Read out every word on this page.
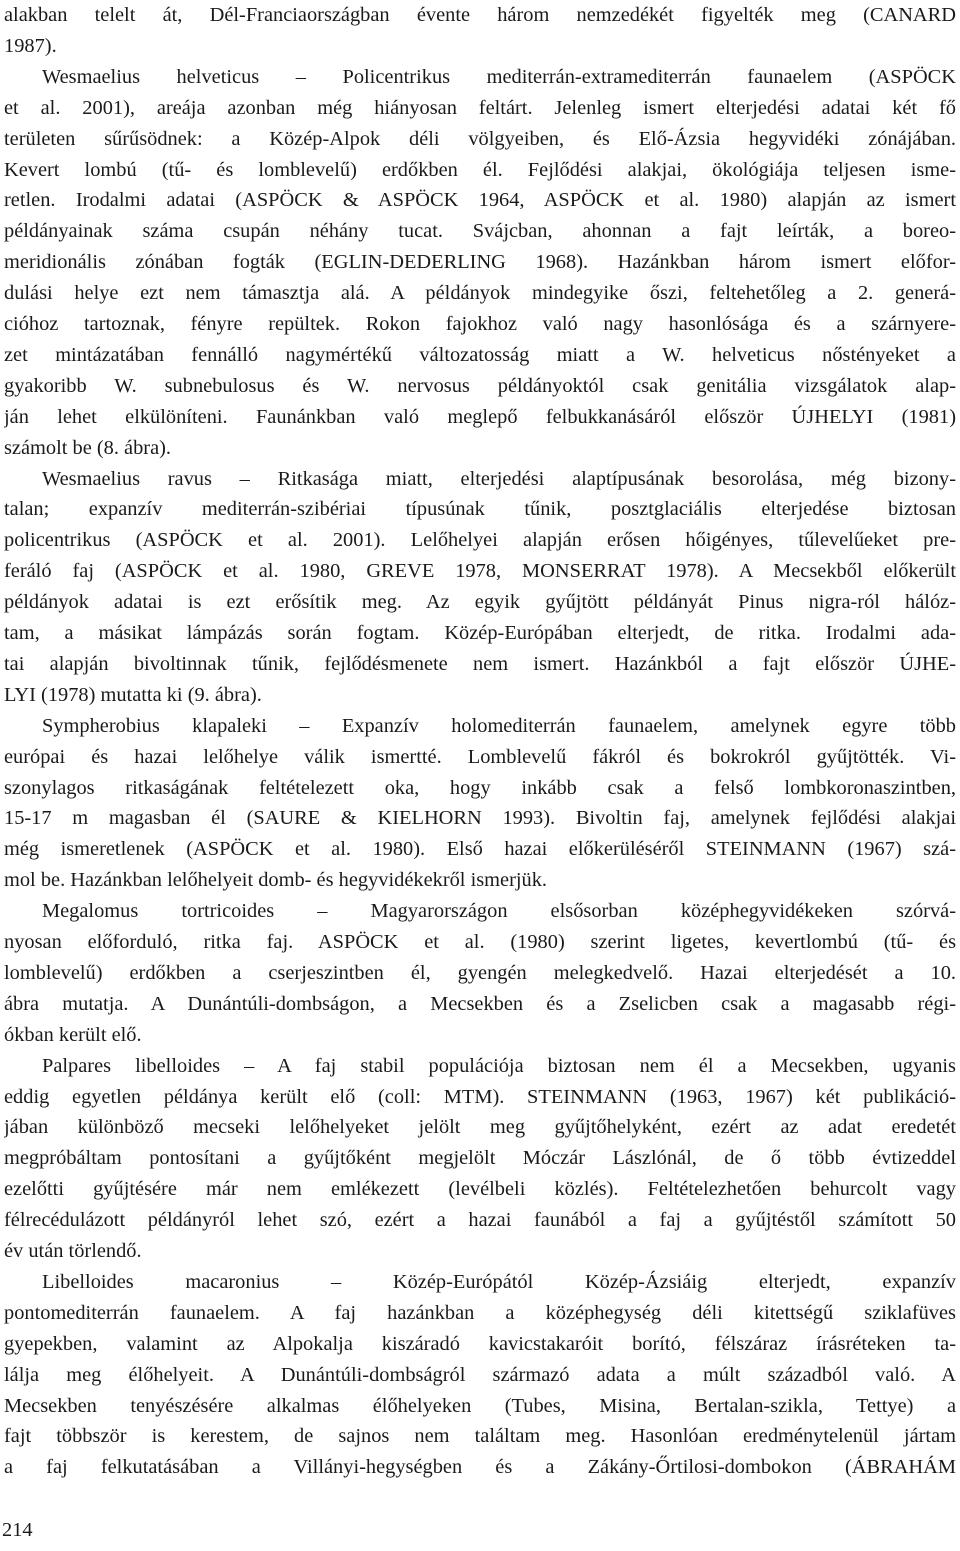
alakban telelt át, Dél-Franciaországban évente három nemzedékét figyelték meg (CANARD
1987).
Wesmaelius helveticus – Policentrikus mediterrán-extramediterrán faunaelem (ASPÖCK
et al. 2001), areája azonban még hiányosan feltárt. Jelenleg ismert elterjedési adatai két fő
területen sűrűsödnek: a Közép-Alpok déli völgyeiben, és Elő-Ázsia hegyvidéki zónájában.
Kevert lombú (tű- és lomblevelű) erdőkben él. Fejlődési alakjai, ökológiája teljesen isme-
retlen. Irodalmi adatai (ASPÖCK & ASPÖCK 1964, ASPÖCK et al. 1980) alapján az ismert
példányainak száma csupán néhány tucat. Svájcban, ahonnan a fajt leírták, a boreo-
meridionális zónában fogták (EGLIN-DEDERLING 1968). Hazánkban három ismert előfor-
dulási helye ezt nem támasztja alá. A példányok mindegyike őszi, feltehetőleg a 2. generá-
cióhoz tartoznak, fényre repültek. Rokon fajokhoz való nagy hasonlósága és a szárnyere-
zet mintázatában fennálló nagymértékű változatosság miatt a W. helveticus nőstényeket a
gyakoribb W. subnebulosus és W. nervosus példányoktól csak genitália vizsgálatok alap-
ján lehet elkülöníteni. Faunánkban való meglepő felbukkanásáról először ÚJHELYI (1981)
számolt be (8. ábra).
Wesmaelius ravus – Ritkasága miatt, elterjedési alaptípusának besorolása, még bizony-
talan; expanzív mediterrán-szibériai típusúnak tűnik, posztglaciális elterjedése biztosan
policentrikus (ASPÖCK et al. 2001). Lelőhelyei alapján erősen hőigényes, tűlevelűeket pre-
feráló faj (ASPÖCK et al. 1980, GREVE 1978, MONSERRAT 1978). A Mecsekből előkerült
példányok adatai is ezt erősítik meg. Az egyik gyűjtött példányát Pinus nigra-ról hálóz-
tam, a másikat lámpázás során fogtam. Közép-Európában elterjedt, de ritka. Irodalmi ada-
tai alapján bivoltinnak tűnik, fejlődésmenete nem ismert. Hazánkból a fajt először ÚJHE-
LYI (1978) mutatta ki (9. ábra).
Sympherobius klapaleki – Expanzív holomediterrán faunaelem, amelynek egyre több
európai és hazai lelőhelye válik ismertté. Lomblevelű fákról és bokrokról gyűjtötték. Vi-
szonylagos ritkaságának feltételezett oka, hogy inkább csak a felső lombkoronaszintben,
15-17 m magasban él (SAURE & KIELHORN 1993). Bivoltin faj, amelynek fejlődési alakjai
még ismeretlenek (ASPÖCK et al. 1980). Első hazai előkerüléséről STEINMANN (1967) szá-
mol be. Hazánkban lelőhelyeit domb- és hegyvidékekről ismerjük.
Megalomus tortricoides – Magyarországon elsősorban középhegyvidékeken szórvá-
nyosan előforduló, ritka faj. ASPÖCK et al. (1980) szerint ligetes, kevertlombú (tű- és
lomblevelű) erdőkben a cserjeszintben él, gyengén melegkedvelő. Hazai elterjedését a 10.
ábra mutatja. A Dunántúli-dombságon, a Mecsekben és a Zselicben csak a magasabb régi-
ókban került elő.
Palpares libelloides – A faj stabil populációja biztosan nem él a Mecsekben, ugyanis
eddig egyetlen példánya került elő (coll: MTM). STEINMANN (1963, 1967) két publikáció-
jában különböző mecseki lelőhelyeket jelölt meg gyűjtőhelyként, ezért az adat eredetét
megpróbáltam pontosítani a gyűjtőként megjelölt Móczár Lászlónál, de ő több évtizeddel
ezelőtti gyűjtésére már nem emlékezett (levélbeli közlés). Feltételezhetően behurcolt vagy
félrecédulázott példányról lehet szó, ezért a hazai faunából a faj a gyűjtéstől számított 50
év után törlendő.
Libelloides macaronius – Közép-Európától Közép-Ázsiáig elterjedt, expanzív
pontomediterrán faunaelem. A faj hazánkban a középhegység déli kitettségű sziklafüves
gyepekben, valamint az Alpokalja kiszáradó kavicstakaróit borító, félszáraz írásréteken ta-
lálja meg élőhelyeit. A Dunántúli-dombságról származó adata a múlt századból való. A
Mecsekben tenyészésére alkalmas élőhelyeken (Tubes, Misina, Bertalan-szikla, Tettye) a
fajt többször is kerestem, de sajnos nem találtam meg. Hasonlóan eredménytelenül jártam
a faj felkutatásában a Villányi-hegységben és a Zákány-Őrtilosi-dombokon (ÁBRAHÁM
214
